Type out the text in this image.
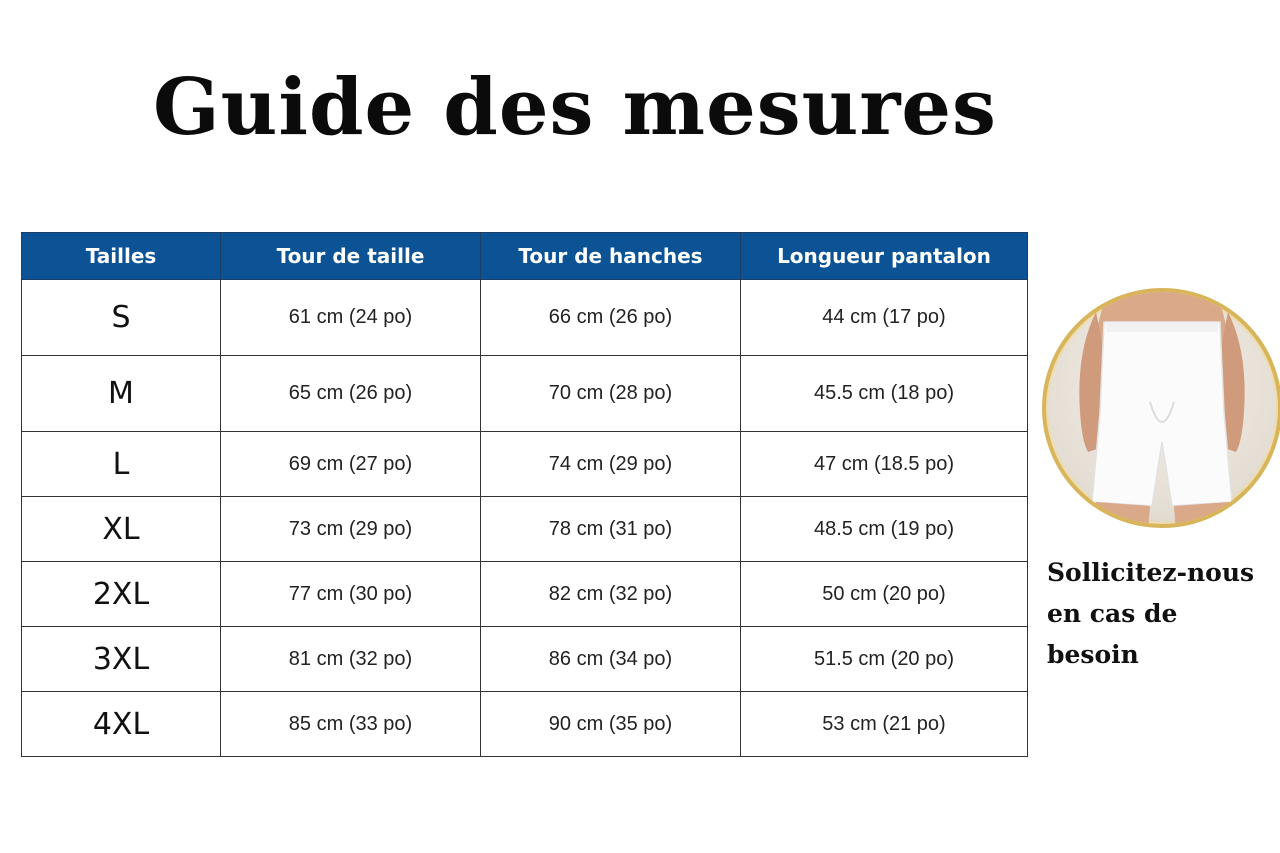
Guide des mesures
Tailles	Tour de taille	Tour de hanches	Longueur pantalon
S	61 cm (24 po)	66 cm (26 po)	44 cm (17 po)
M	65 cm (26 po)	70 cm (28 po)	45.5 cm (18 po)
L	69 cm (27 po)	74 cm (29 po)	47 cm (18.5 po)
XL	73 cm (29 po)	78 cm (31 po)	48.5 cm (19 po)
2XL	77 cm (30 po)	82 cm (32 po)	50 cm (20 po)
3XL	81 cm (32 po)	86 cm (34 po)	51.5 cm (20 po)
4XL	85 cm (33 po)	90 cm (35 po)	53 cm (21 po)
Sollicitez-nous
en cas de besoin
